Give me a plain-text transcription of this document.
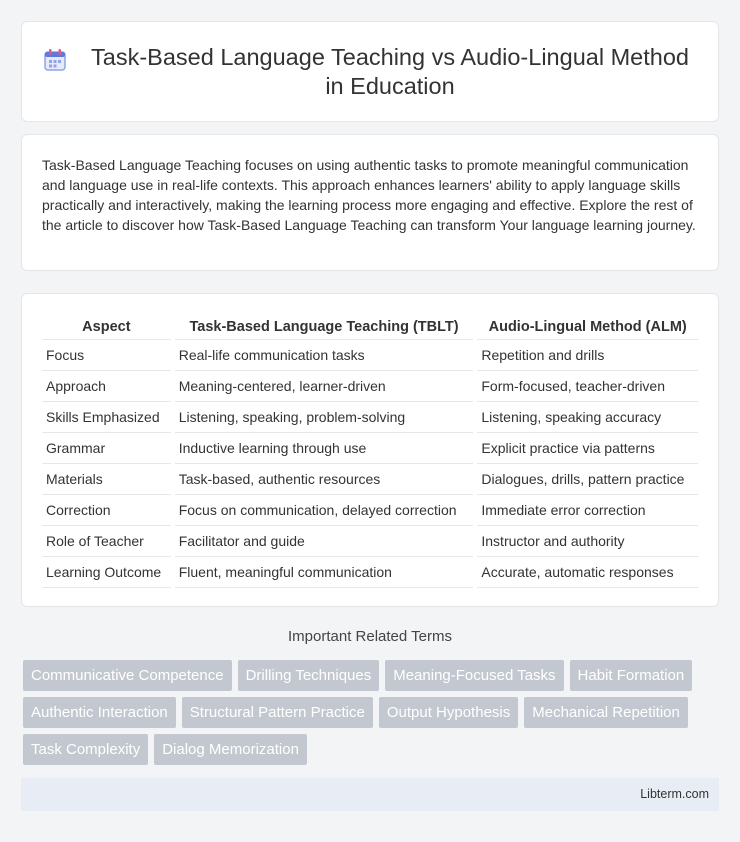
Task-Based Language Teaching vs Audio-Lingual Method in Education

Task-Based Language Teaching focuses on using authentic tasks to promote meaningful communication and language use in real-life contexts. This approach enhances learners' ability to apply language skills practically and interactively, making the learning process more engaging and effective. Explore the rest of the article to discover how Task-Based Language Teaching can transform Your language learning journey.

Aspect	Task-Based Language Teaching (TBLT)	Audio-Lingual Method (ALM)
Focus	Real-life communication tasks	Repetition and drills
Approach	Meaning-centered, learner-driven	Form-focused, teacher-driven
Skills Emphasized	Listening, speaking, problem-solving	Listening, speaking accuracy
Grammar	Inductive learning through use	Explicit practice via patterns
Materials	Task-based, authentic resources	Dialogues, drills, pattern practice
Correction	Focus on communication, delayed correction	Immediate error correction
Role of Teacher	Facilitator and guide	Instructor and authority
Learning Outcome	Fluent, meaningful communication	Accurate, automatic responses
Important Related Terms
Communicative Competence	Drilling Techniques	Meaning-Focused Tasks	Habit Formation
Authentic Interaction	Structural Pattern Practice	Output Hypothesis	Mechanical Repetition
Task Complexity	Dialog Memorization
Libterm.com
